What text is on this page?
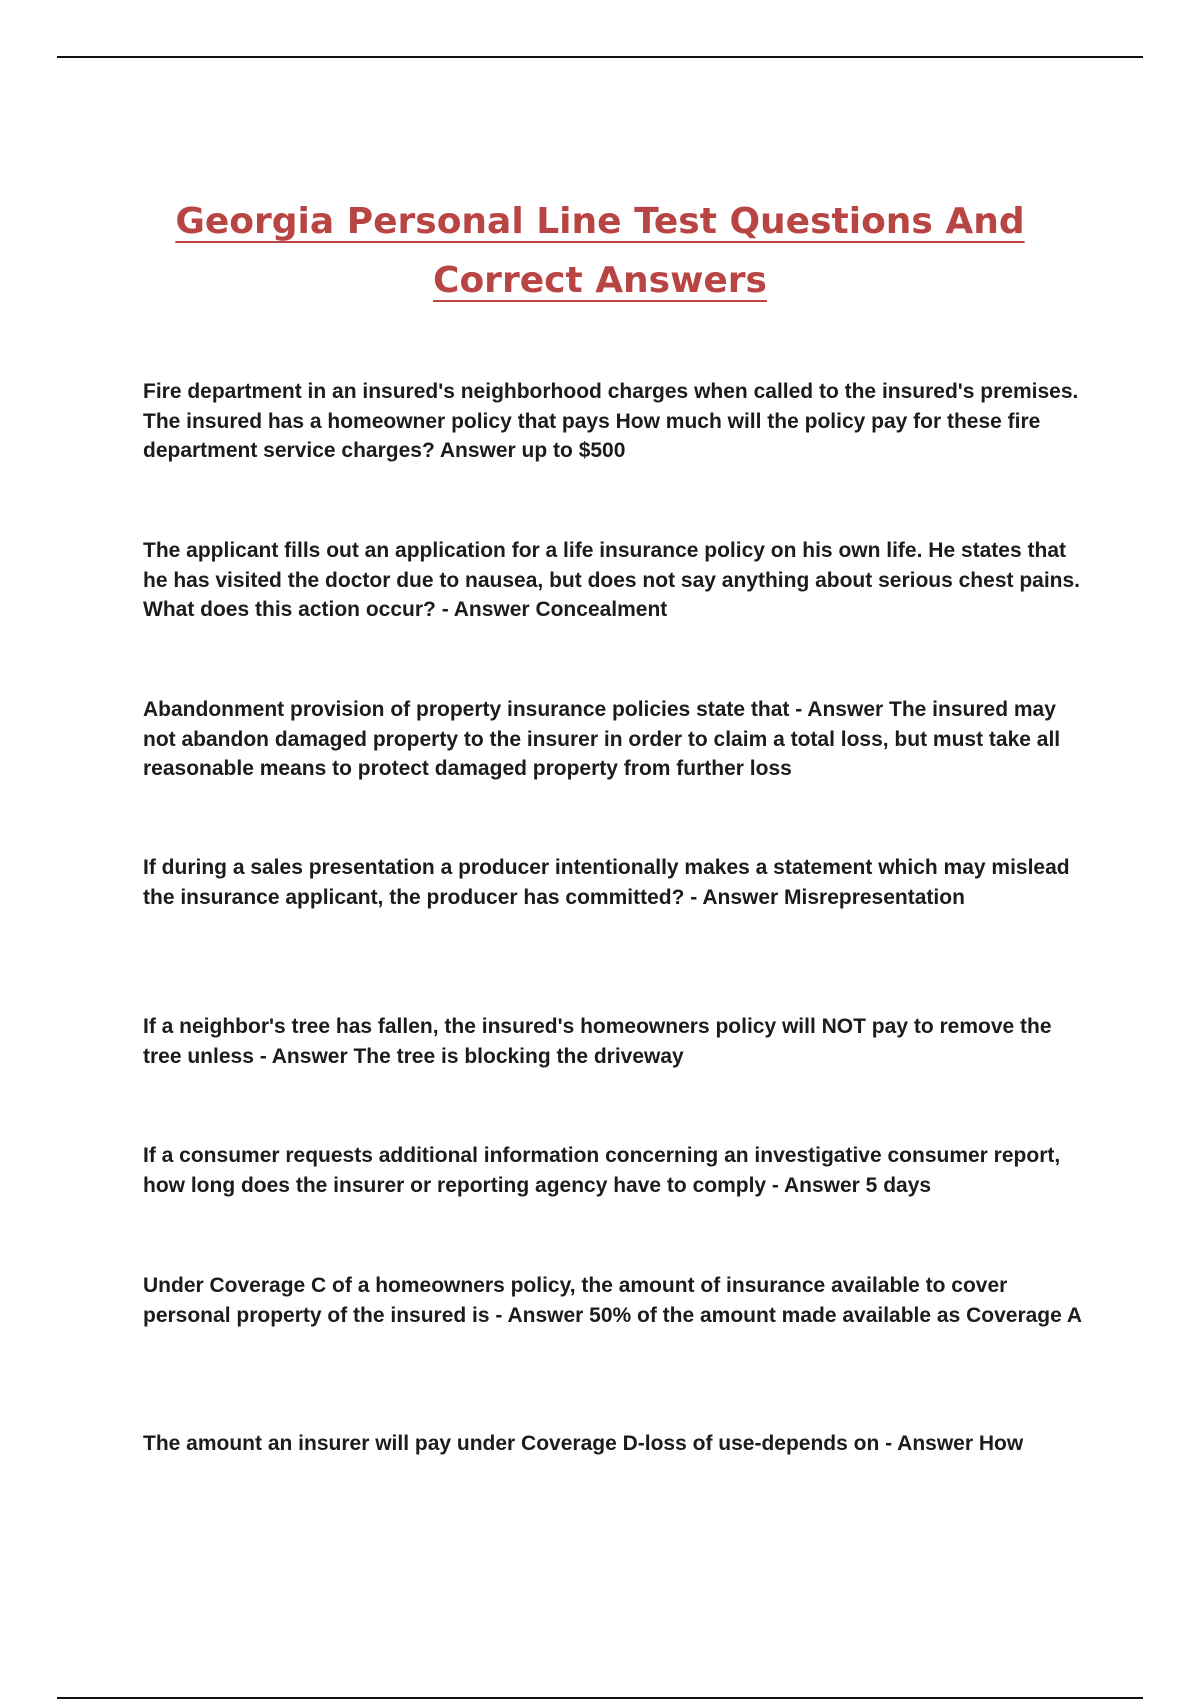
Georgia Personal Line Test Questions And
Correct Answers

Fire department in an insured's neighborhood charges when called to the insured's premises. The insured has a homeowner policy that pays How much will the policy pay for these fire department service charges? Answer up to $500

The applicant fills out an application for a life insurance policy on his own life. He states that he has visited the doctor due to nausea, but does not say anything about serious chest pains. What does this action occur? - Answer Concealment

Abandonment provision of property insurance policies state that - Answer The insured may not abandon damaged property to the insurer in order to claim a total loss, but must take all reasonable means to protect damaged property from further loss

If during a sales presentation a producer intentionally makes a statement which may mislead the insurance applicant, the producer has committed? - Answer Misrepresentation

If a neighbor's tree has fallen, the insured's homeowners policy will NOT pay to remove the tree unless - Answer The tree is blocking the driveway

If a consumer requests additional information concerning an investigative consumer report, how long does the insurer or reporting agency have to comply - Answer 5 days

Under Coverage C of a homeowners policy, the amount of insurance available to cover personal property of the insured is - Answer 50% of the amount made available as Coverage A

The amount an insurer will pay under Coverage D-loss of use-depends on - Answer How
